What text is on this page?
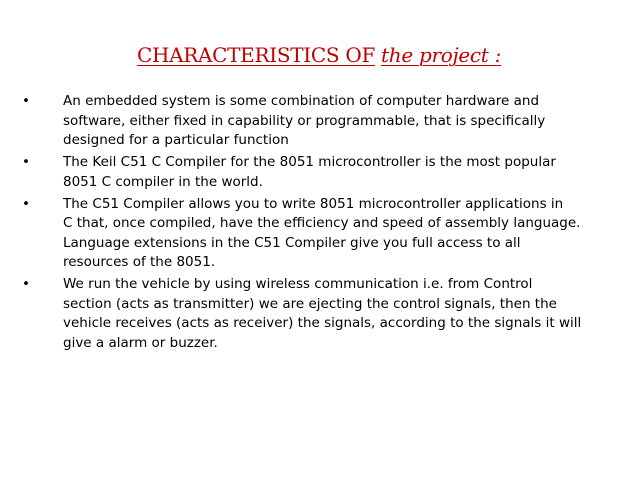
CHARACTERISTICS OF the project :
•	An embedded system is some combination of computer hardware and
software, either fixed in capability or programmable, that is specifically
designed for a particular function
•	The Keil C51 C Compiler for the 8051 microcontroller is the most popular
8051 C compiler in the world.
•	The C51 Compiler allows you to write 8051 microcontroller applications in
C that, once compiled, have the efficiency and speed of assembly language.
Language extensions in the C51 Compiler give you full access to all
resources of the 8051.
•	We run the vehicle by using wireless communication i.e. from Control
section (acts as transmitter) we are ejecting the control signals, then the
vehicle receives (acts as receiver) the signals, according to the signals it will
give a alarm or buzzer.
